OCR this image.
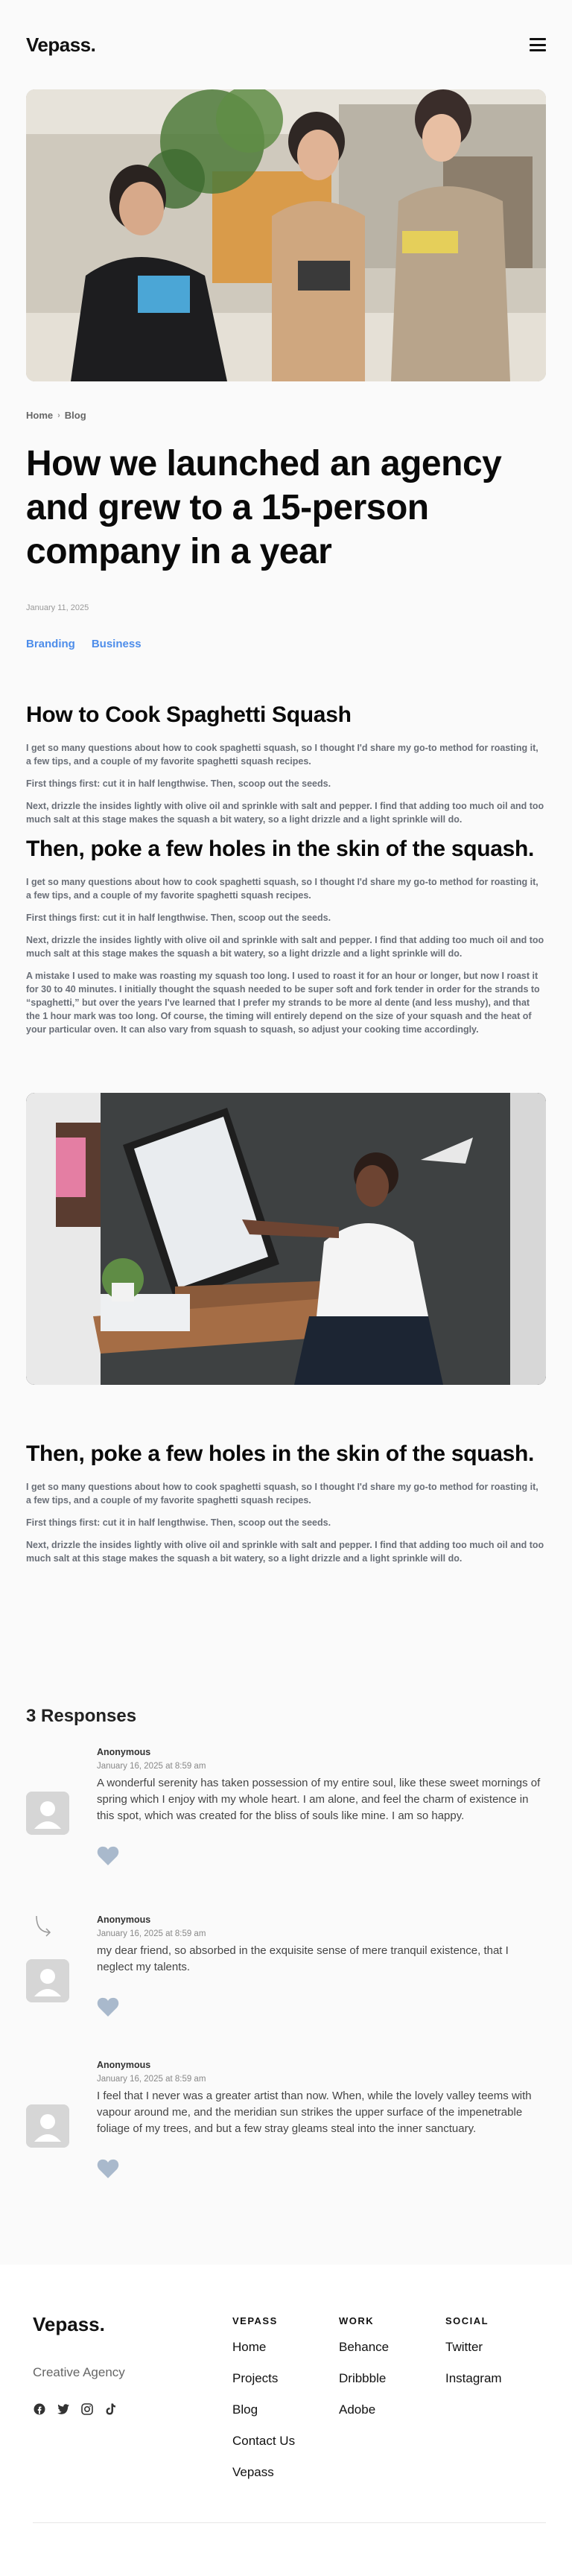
Vepass.
Home › Blog
How we launched an agency and grew to a 15-person company in a year
January 11, 2025
Branding Business
How to Cook Spaghetti Squash

I get so many questions about how to cook spaghetti squash, so I thought I'd share my go-to method for roasting it, a few tips, and a couple of my favorite spaghetti squash recipes.

First things first: cut it in half lengthwise. Then, scoop out the seeds.

Next, drizzle the insides lightly with olive oil and sprinkle with salt and pepper. I find that adding too much oil and too much salt at this stage makes the squash a bit watery, so a light drizzle and a light sprinkle will do.

Then, poke a few holes in the skin of the squash.

I get so many questions about how to cook spaghetti squash, so I thought I'd share my go-to method for roasting it, a few tips, and a couple of my favorite spaghetti squash recipes.

First things first: cut it in half lengthwise. Then, scoop out the seeds.

Next, drizzle the insides lightly with olive oil and sprinkle with salt and pepper. I find that adding too much oil and too much salt at this stage makes the squash a bit watery, so a light drizzle and a light sprinkle will do.

A mistake I used to make was roasting my squash too long. I used to roast it for an hour or longer, but now I roast it for 30 to 40 minutes. I initially thought the squash needed to be super soft and fork tender in order for the strands to “spaghetti,” but over the years I've learned that I prefer my strands to be more al dente (and less mushy), and that the 1 hour mark was too long. Of course, the timing will entirely depend on the size of your squash and the heat of your particular oven. It can also vary from squash to squash, so adjust your cooking time accordingly.

Then, poke a few holes in the skin of the squash.

I get so many questions about how to cook spaghetti squash, so I thought I'd share my go-to method for roasting it, a few tips, and a couple of my favorite spaghetti squash recipes.

First things first: cut it in half lengthwise. Then, scoop out the seeds.

Next, drizzle the insides lightly with olive oil and sprinkle with salt and pepper. I find that adding too much oil and too much salt at this stage makes the squash a bit watery, so a light drizzle and a light sprinkle will do.

3 Responses
Anonymous
January 16, 2025 at 8:59 am
A wonderful serenity has taken possession of my entire soul, like these sweet mornings of spring which I enjoy with my whole heart. I am alone, and feel the charm of existence in this spot, which was created for the bliss of souls like mine. I am so happy.
Anonymous
January 16, 2025 at 8:59 am
my dear friend, so absorbed in the exquisite sense of mere tranquil existence, that I neglect my talents.
Anonymous
January 16, 2025 at 8:59 am
I feel that I never was a greater artist than now. When, while the lovely valley teems with vapour around me, and the meridian sun strikes the upper surface of the impenetrable foliage of my trees, and but a few stray gleams steal into the inner sanctuary.
Vepass.
Creative Agency
VEPASS
Home
Projects
Blog
Contact Us
Vepass
WORK
Behance
Dribbble
Adobe
SOCIAL
Twitter
Instagram
